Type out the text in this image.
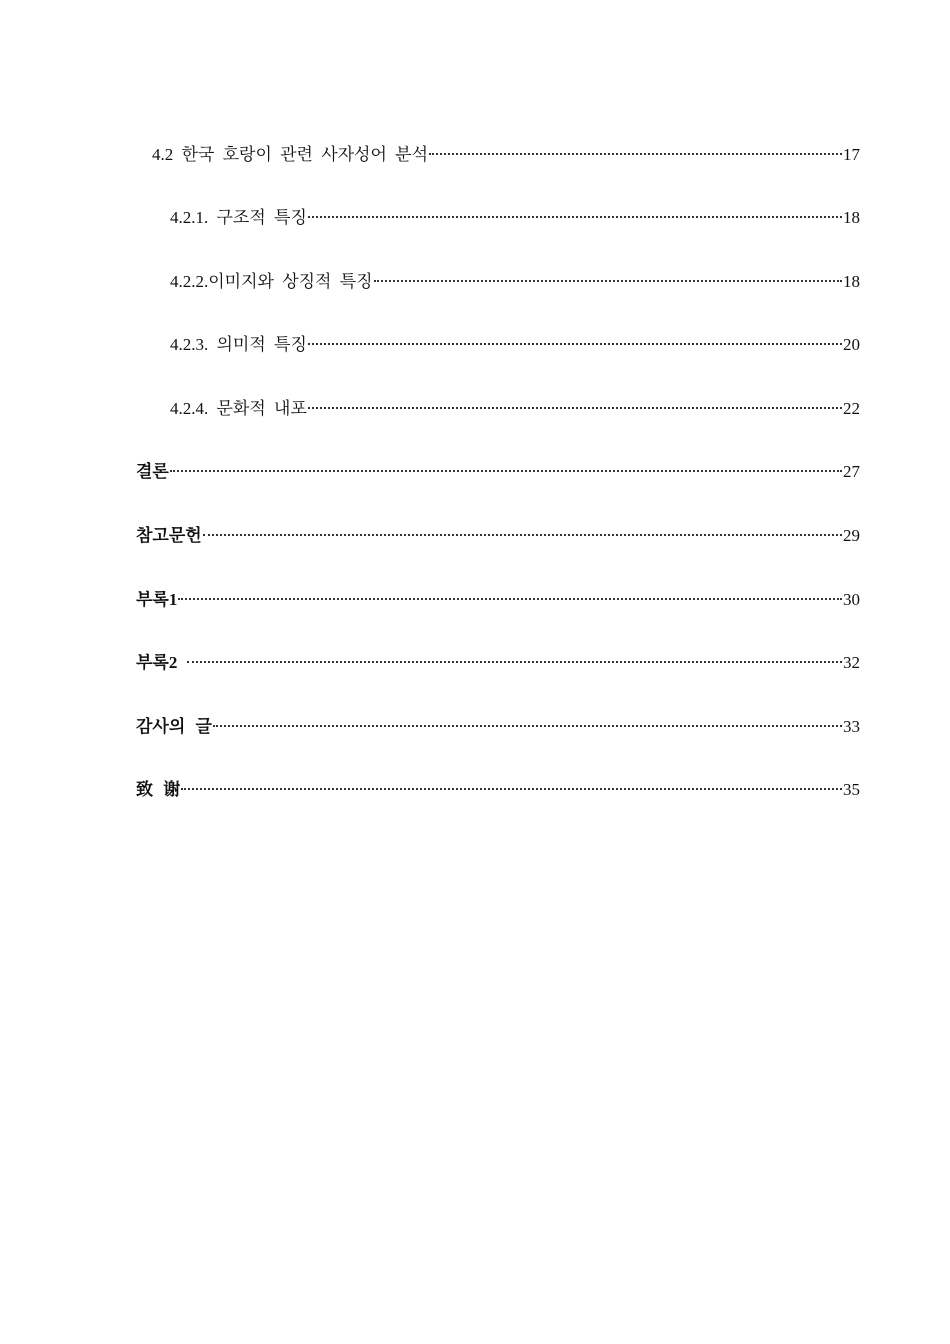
4.2 한국 호랑이 관련 사자성어 분석	17
4.2.1. 구조적 특징	18
4.2.2.이미지와 상징적 특징	18
4.2.3. 의미적 특징	20
4.2.4. 문화적 내포	22
결론	27
참고문헌	29
부록1	30
부록2	32
감사의 글	33
致 谢	35
